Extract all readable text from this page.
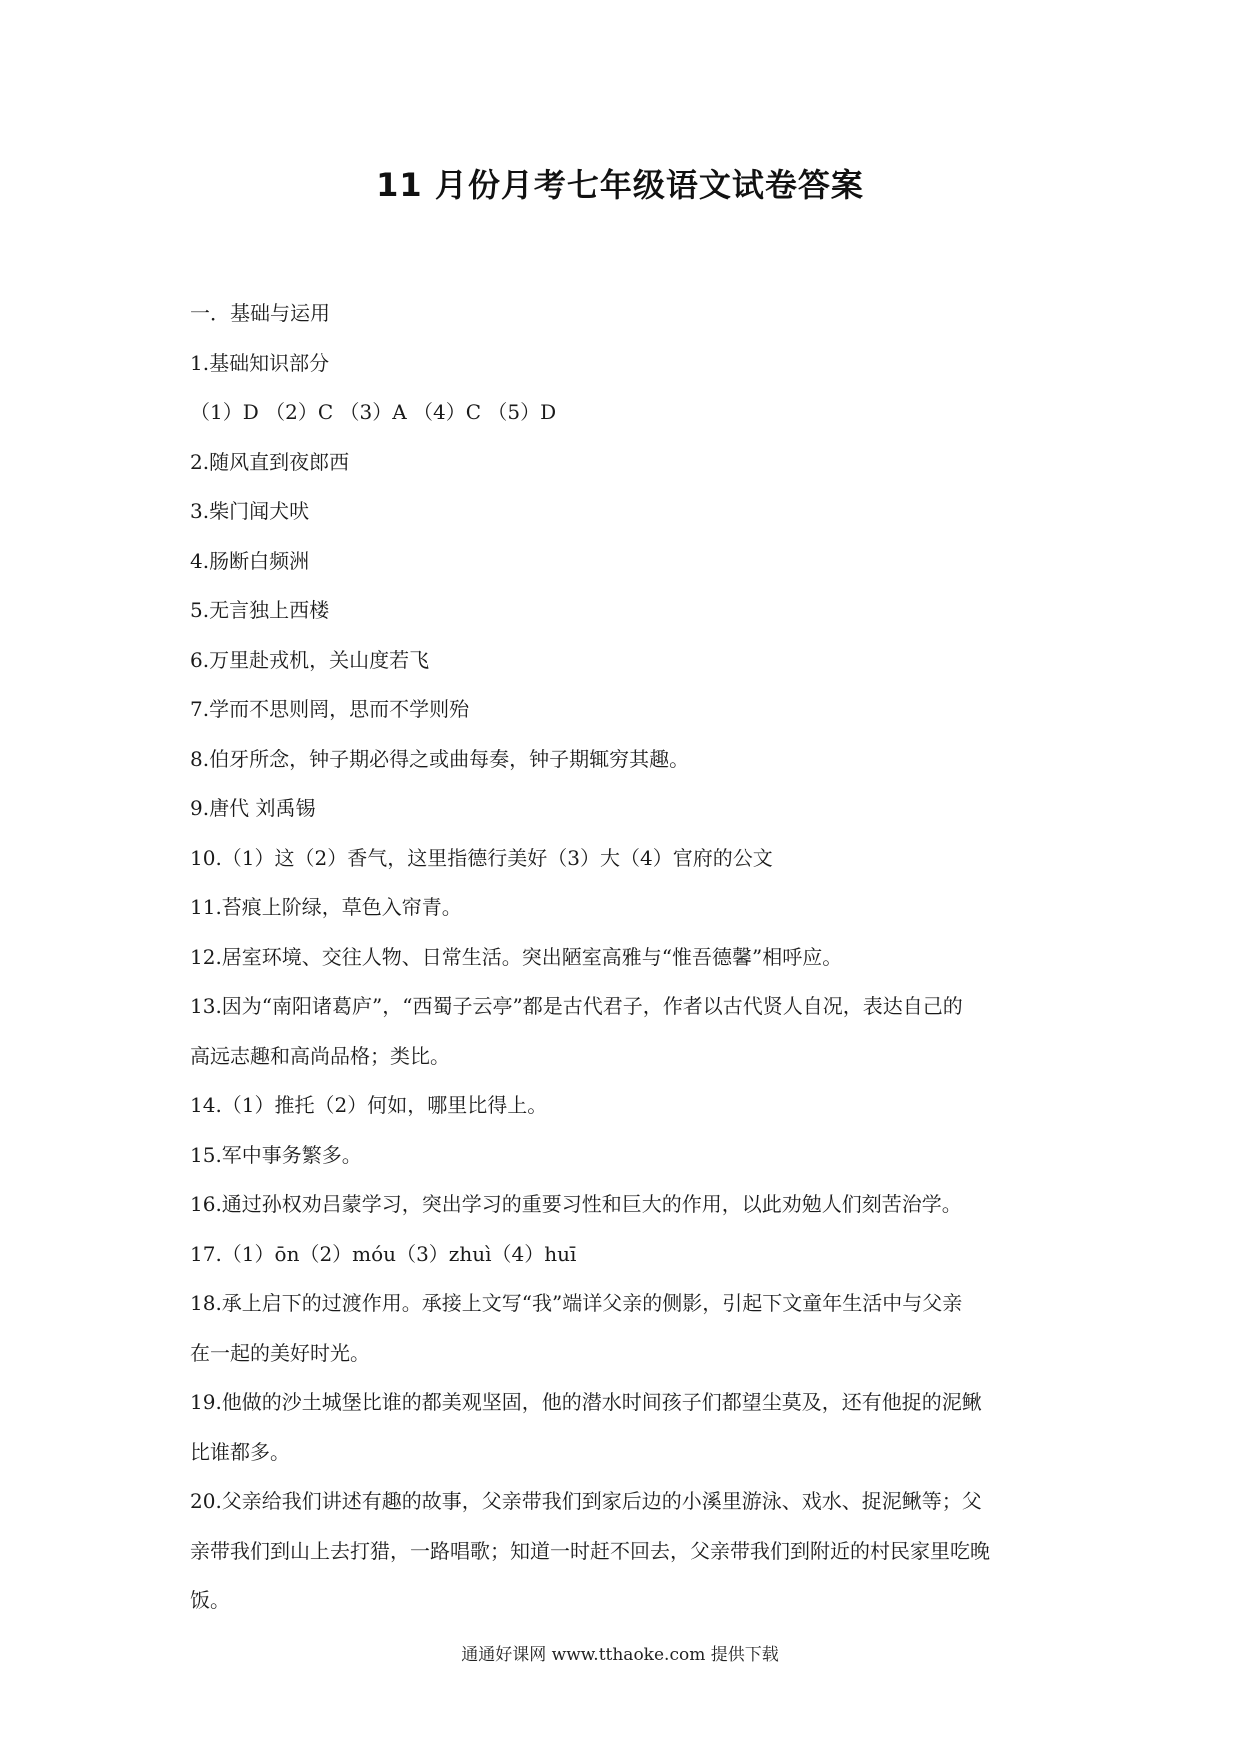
11 月份月考七年级语文试卷答案

一．基础与运用

1.基础知识部分

（1）D （2）C （3）A （4）C （5）D

2.随风直到夜郎西

3.柴门闻犬吠

4.肠断白频洲

5.无言独上西楼

6.万里赴戎机，关山度若飞

7.学而不思则罔，思而不学则殆

8.伯牙所念，钟子期必得之或曲每奏，钟子期辄穷其趣。

9.唐代 刘禹锡

10.（1）这（2）香气，这里指德行美好（3）大（4）官府的公文

11.苔痕上阶绿，草色入帘青。

12.居室环境、交往人物、日常生活。突出陋室高雅与“惟吾德馨”相呼应。

13.因为“南阳诸葛庐”，“西蜀子云亭”都是古代君子，作者以古代贤人自况，表达自己的

高远志趣和高尚品格；类比。

14.（1）推托（2）何如，哪里比得上。

15.军中事务繁多。

16.通过孙权劝吕蒙学习，突出学习的重要习性和巨大的作用，以此劝勉人们刻苦治学。

17.（1）ōn（2）móu（3）zhuì（4）huī

18.承上启下的过渡作用。承接上文写“我”端详父亲的侧影，引起下文童年生活中与父亲

在一起的美好时光。

19.他做的沙土城堡比谁的都美观坚固，他的潜水时间孩子们都望尘莫及，还有他捉的泥鳅

比谁都多。

20.父亲给我们讲述有趣的故事，父亲带我们到家后边的小溪里游泳、戏水、捉泥鳅等；父

亲带我们到山上去打猎，一路唱歌；知道一时赶不回去，父亲带我们到附近的村民家里吃晚

饭。

通通好课网 www.tthaoke.com 提供下载
